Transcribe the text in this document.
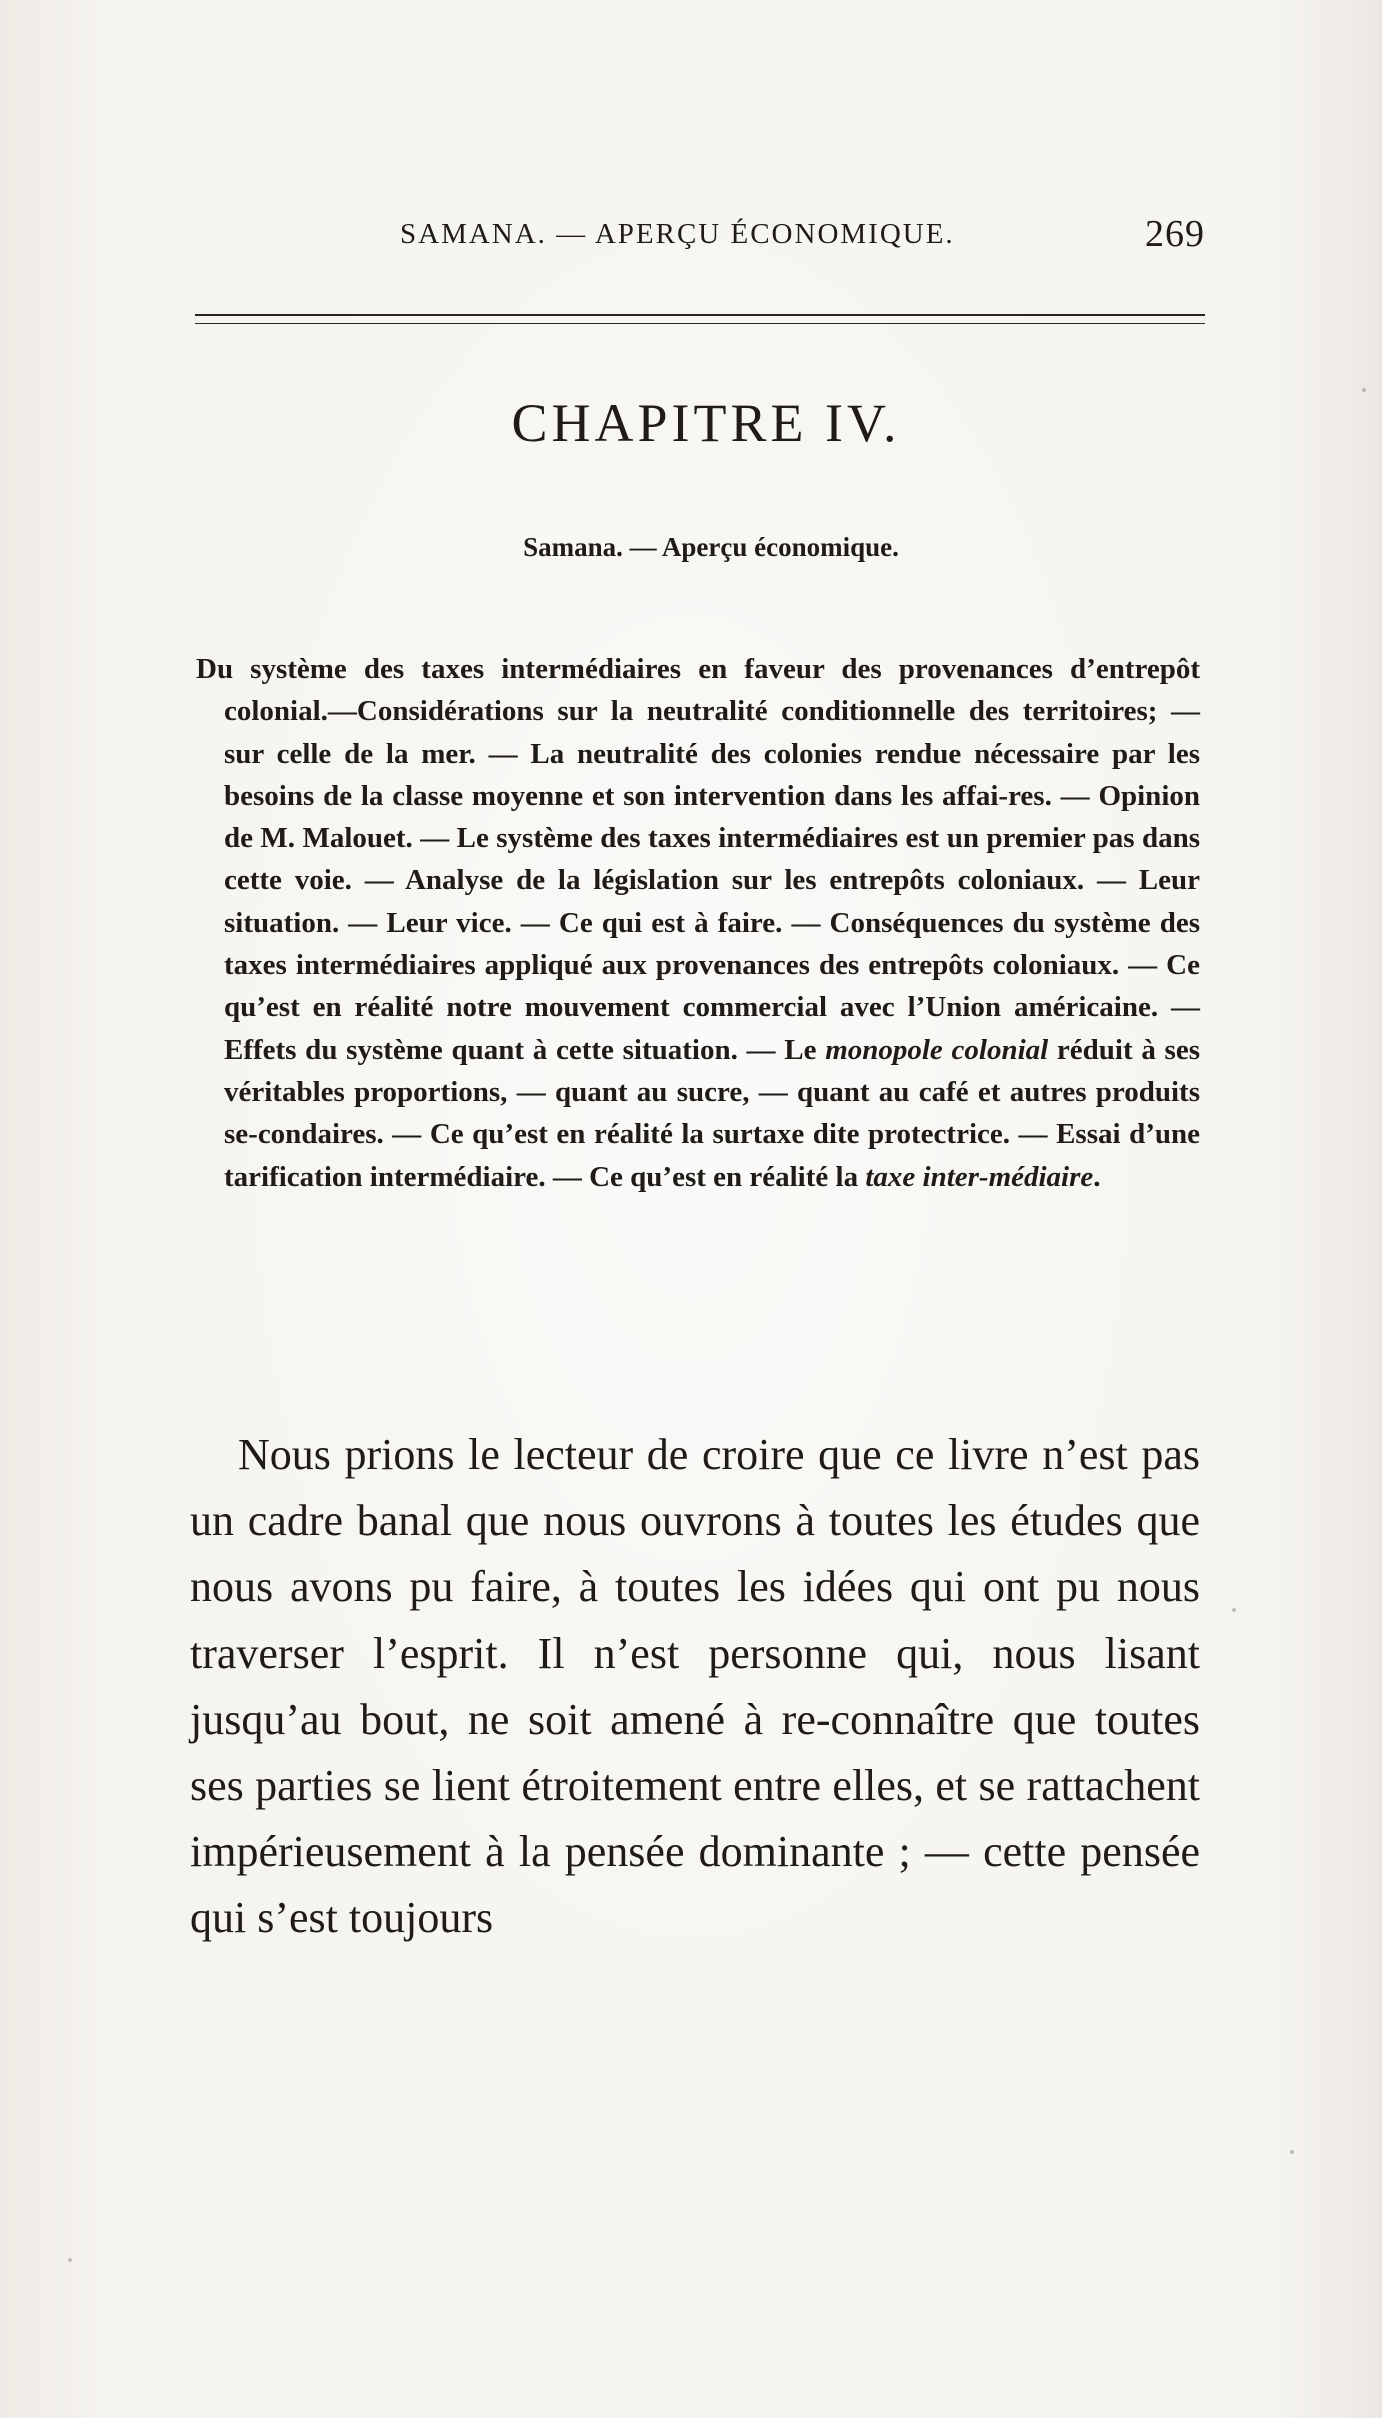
SAMANA. — APERÇU ÉCONOMIQUE.	269
CHAPITRE IV.
Samana. — Aperçu économique.
Du système des taxes intermédiaires en faveur des provenances d’entrepôt colonial.—Considérations sur la neutralité conditionnelle des territoires; — sur celle de la mer. — La neutralité des colonies rendue nécessaire par les besoins de la classe moyenne et son intervention dans les affai-res. — Opinion de M. Malouet. — Le système des taxes intermédiaires est un premier pas dans cette voie. — Analyse de la législation sur les entrepôts coloniaux. — Leur situation. — Leur vice. — Ce qui est à faire. — Conséquences du système des taxes intermédiaires appliqué aux provenances des entrepôts coloniaux. — Ce qu’est en réalité notre mouvement commercial avec l’Union américaine. — Effets du système quant à cette situation. — Le monopole colonial réduit à ses véritables proportions, — quant au sucre, — quant au café et autres produits se-condaires. — Ce qu’est en réalité la surtaxe dite protectrice. — Essai d’une tarification intermédiaire. — Ce qu’est en réalité la taxe inter-médiaire.
Nous prions le lecteur de croire que ce livre n’est pas un cadre banal que nous ouvrons à toutes les études que nous avons pu faire, à toutes les idées qui ont pu nous traverser l’esprit. Il n’est personne qui, nous lisant jusqu’au bout, ne soit amené à re-connaître que toutes ses parties se lient étroitement entre elles, et se rattachent impérieusement à la pensée dominante ; — cette pensée qui s’est toujours
